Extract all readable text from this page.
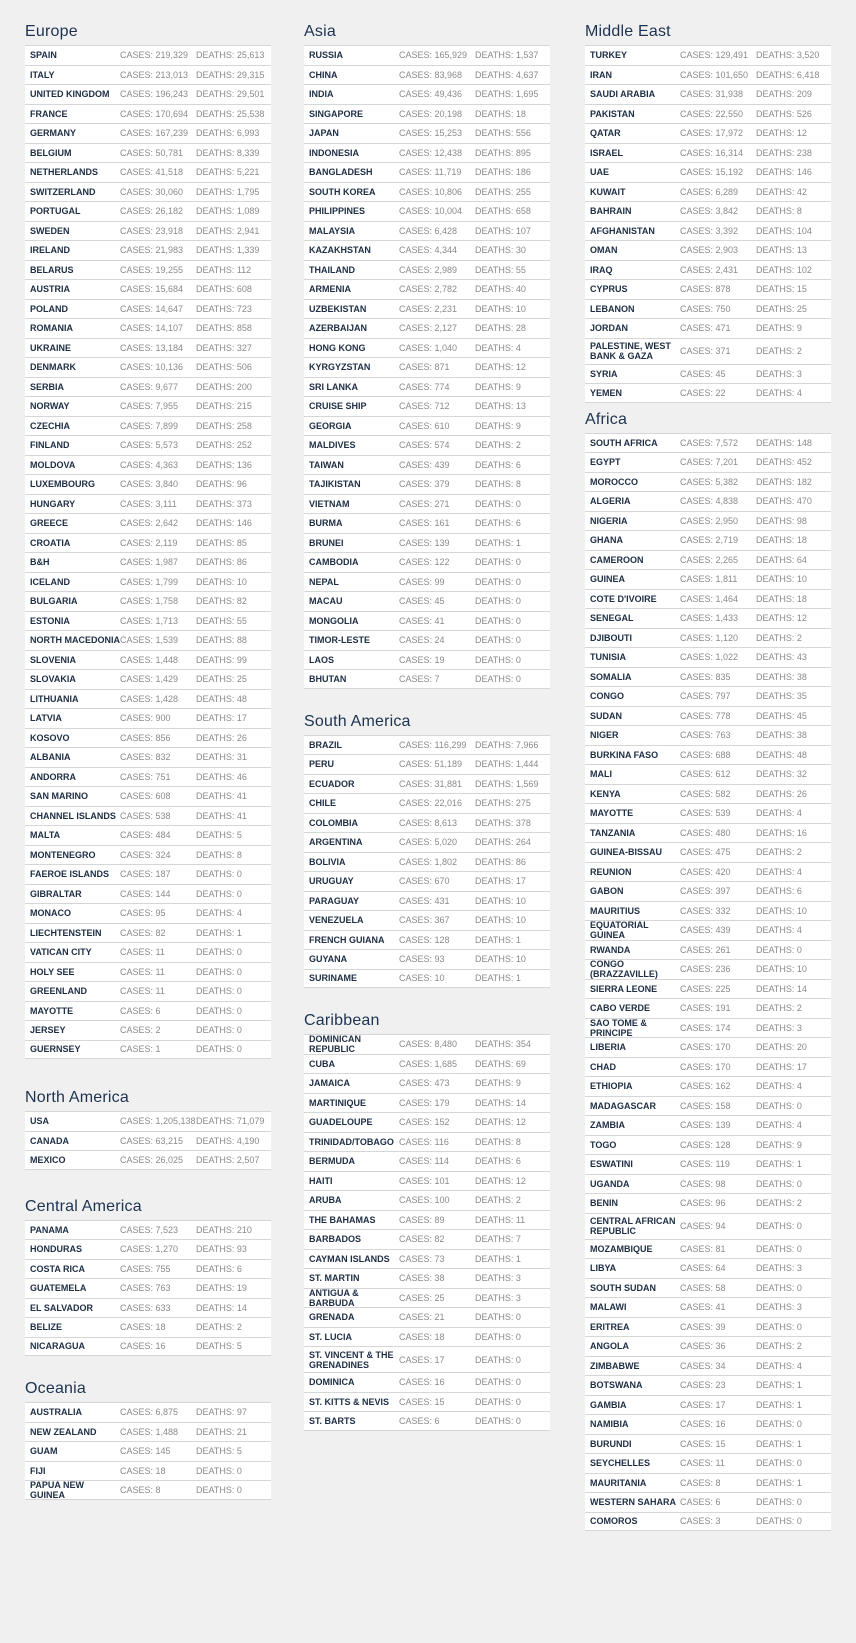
Europe
SPAIN	CASES: 219,329 DEATHS: 25,613
ITALY	CASES: 213,013 DEATHS: 29,315
UNITED KINGDOM	CASES: 196,243 DEATHS: 29,501
FRANCE	CASES: 170,694 DEATHS: 25,538
GERMANY	CASES: 167,239 DEATHS: 6,993
BELGIUM	CASES: 50,781	DEATHS: 8,339
NETHERLANDS	CASES: 41,518	DEATHS: 5,221
SWITZERLAND	CASES: 30,060	DEATHS: 1,795
PORTUGAL	CASES: 26,182	DEATHS: 1,089
SWEDEN	CASES: 23,918	DEATHS: 2,941
IRELAND	CASES: 21,983	DEATHS: 1,339
BELARUS	CASES: 19,255	DEATHS: 112
AUSTRIA	CASES: 15,684	DEATHS: 608
POLAND	CASES: 14,647	DEATHS: 723
ROMANIA	CASES: 14,107	DEATHS: 858
UKRAINE	CASES: 13,184	DEATHS: 327
DENMARK	CASES: 10,136	DEATHS: 506
SERBIA	CASES: 9,677	DEATHS: 200
NORWAY	CASES: 7,955	DEATHS: 215
CZECHIA	CASES: 7,899	DEATHS: 258
FINLAND	CASES: 5,573	DEATHS: 252
MOLDOVA	CASES: 4,363	DEATHS: 136
LUXEMBOURG	CASES: 3,840	DEATHS: 96
HUNGARY	CASES: 3,111	DEATHS: 373
GREECE	CASES: 2,642	DEATHS: 146
CROATIA	CASES: 2,119	DEATHS: 85
B&H	CASES: 1,987	DEATHS: 86
ICELAND	CASES: 1,799	DEATHS: 10
BULGARIA	CASES: 1,758	DEATHS: 82
ESTONIA	CASES: 1,713	DEATHS: 55
NORTH MACEDONIA CASES: 1,539	DEATHS: 88
SLOVENIA	CASES: 1,448	DEATHS: 99
SLOVAKIA	CASES: 1,429	DEATHS: 25
LITHUANIA	CASES: 1,428	DEATHS: 48
LATVIA	CASES: 900	DEATHS: 17
KOSOVO	CASES: 856	DEATHS: 26
ALBANIA	CASES: 832	DEATHS: 31
ANDORRA	CASES: 751	DEATHS: 46
SAN MARINO	CASES: 608	DEATHS: 41
CHANNEL ISLANDS CASES: 538	DEATHS: 41
MALTA	CASES: 484	DEATHS: 5
MONTENEGRO	CASES: 324	DEATHS: 8
FAEROE ISLANDS	CASES: 187	DEATHS: 0
GIBRALTAR	CASES: 144	DEATHS: 0
MONACO	CASES: 95	DEATHS: 4
LIECHTENSTEIN	CASES: 82	DEATHS: 1
VATICAN CITY	CASES: 11	DEATHS: 0
HOLY SEE	CASES: 11	DEATHS: 0
GREENLAND	CASES: 11	DEATHS: 0
MAYOTTE	CASES: 6	DEATHS: 0
JERSEY	CASES: 2	DEATHS: 0
GUERNSEY	CASES: 1	DEATHS: 0
North America
USA	CASES: 1,205,138 DEATHS: 71,079
CANADA	CASES: 63,215	DEATHS: 4,190
MEXICO	CASES: 26,025	DEATHS: 2,507
Central America
PANAMA	CASES: 7,523	DEATHS: 210
HONDURAS	CASES: 1,270	DEATHS: 93
COSTA RICA	CASES: 755	DEATHS: 6
GUATEMELA	CASES: 763	DEATHS: 19
EL SALVADOR	CASES: 633	DEATHS: 14
BELIZE	CASES: 18	DEATHS: 2
NICARAGUA	CASES: 16	DEATHS: 5
Oceania
AUSTRALIA	CASES: 6,875	DEATHS: 97
NEW ZEALAND	CASES: 1,488	DEATHS: 21
GUAM	CASES: 145	DEATHS: 5
FIJI	CASES: 18	DEATHS: 0
PAPUA NEW GUINEA	CASES: 8	DEATHS: 0
Asia
RUSSIA	CASES: 165,929 DEATHS: 1,537
CHINA	CASES: 83,968	DEATHS: 4,637
INDIA	CASES: 49,436	DEATHS: 1,695
SINGAPORE	CASES: 20,198	DEATHS: 18
JAPAN	CASES: 15,253	DEATHS: 556
INDONESIA	CASES: 12,438	DEATHS: 895
BANGLADESH	CASES: 11,719	DEATHS: 186
SOUTH KOREA	CASES: 10,806	DEATHS: 255
PHILIPPINES	CASES: 10,004	DEATHS: 658
MALAYSIA	CASES: 6,428	DEATHS: 107
KAZAKHSTAN	CASES: 4,344	DEATHS: 30
THAILAND	CASES: 2,989	DEATHS: 55
ARMENIA	CASES: 2,782	DEATHS: 40
UZBEKISTAN	CASES: 2,231	DEATHS: 10
AZERBAIJAN	CASES: 2,127	DEATHS: 28
HONG KONG	CASES: 1,040	DEATHS: 4
KYRGYZSTAN	CASES: 871	DEATHS: 12
SRI LANKA	CASES: 774	DEATHS: 9
CRUISE SHIP	CASES: 712	DEATHS: 13
GEORGIA	CASES: 610	DEATHS: 9
MALDIVES	CASES: 574	DEATHS: 2
TAIWAN	CASES: 439	DEATHS: 6
TAJIKISTAN	CASES: 379	DEATHS: 8
VIETNAM	CASES: 271	DEATHS: 0
BURMA	CASES: 161	DEATHS: 6
BRUNEI	CASES: 139	DEATHS: 1
CAMBODIA	CASES: 122	DEATHS: 0
NEPAL	CASES: 99	DEATHS: 0
MACAU	CASES: 45	DEATHS: 0
MONGOLIA	CASES: 41	DEATHS: 0
TIMOR-LESTE	CASES: 24	DEATHS: 0
LAOS	CASES: 19	DEATHS: 0
BHUTAN	CASES: 7	DEATHS: 0
South America
BRAZIL	CASES: 116,299 DEATHS: 7,966
PERU	CASES: 51,189	DEATHS: 1,444
ECUADOR	CASES: 31,881	DEATHS: 1,569
CHILE	CASES: 22,016	DEATHS: 275
COLOMBIA	CASES: 8,613	DEATHS: 378
ARGENTINA	CASES: 5,020	DEATHS: 264
BOLIVIA	CASES: 1,802	DEATHS: 86
URUGUAY	CASES: 670	DEATHS: 17
PARAGUAY	CASES: 431	DEATHS: 10
VENEZUELA	CASES: 367	DEATHS: 10
FRENCH GUIANA	CASES: 128	DEATHS: 1
GUYANA	CASES: 93	DEATHS: 10
SURINAME	CASES: 10	DEATHS: 1
Caribbean
DOMINICAN REPUBLIC	CASES: 8,480	DEATHS: 354
CUBA	CASES: 1,685	DEATHS: 69
JAMAICA	CASES: 473	DEATHS: 9
MARTINIQUE	CASES: 179	DEATHS: 14
GUADELOUPE	CASES: 152	DEATHS: 12
TRINIDAD/TOBAGO CASES: 116	DEATHS: 8
BERMUDA	CASES: 114	DEATHS: 6
HAITI	CASES: 101	DEATHS: 12
ARUBA	CASES: 100	DEATHS: 2
THE BAHAMAS	CASES: 89	DEATHS: 11
BARBADOS	CASES: 82	DEATHS: 7
CAYMAN ISLANDS	CASES: 73	DEATHS: 1
ST. MARTIN	CASES: 38	DEATHS: 3
ANTIGUA & BARBUDA	CASES: 25	DEATHS: 3
GRENADA	CASES: 21	DEATHS: 0
ST. LUCIA	CASES: 18	DEATHS: 0
ST. VINCENT & THE GRENADINES	CASES: 17	DEATHS: 0
DOMINICA	CASES: 16	DEATHS: 0
ST. KITTS & NEVIS	CASES: 15	DEATHS: 0
ST. BARTS	CASES: 6	DEATHS: 0
Middle East
TURKEY	CASES: 129,491 DEATHS: 3,520
IRAN	CASES: 101,650 DEATHS: 6,418
SAUDI ARABIA	CASES: 31,938	DEATHS: 209
PAKISTAN	CASES: 22,550	DEATHS: 526
QATAR	CASES: 17,972	DEATHS: 12
ISRAEL	CASES: 16,314	DEATHS: 238
UAE	CASES: 15,192	DEATHS: 146
KUWAIT	CASES: 6,289	DEATHS: 42
BAHRAIN	CASES: 3,842	DEATHS: 8
AFGHANISTAN	CASES: 3,392	DEATHS: 104
OMAN	CASES: 2,903	DEATHS: 13
IRAQ	CASES: 2,431	DEATHS: 102
CYPRUS	CASES: 878	DEATHS: 15
LEBANON	CASES: 750	DEATHS: 25
JORDAN	CASES: 471	DEATHS: 9
PALESTINE, WEST BANK & GAZA	CASES: 371	DEATHS: 2
SYRIA	CASES: 45	DEATHS: 3
YEMEN	CASES: 22	DEATHS: 4
Africa
SOUTH AFRICA	CASES: 7,572	DEATHS: 148
EGYPT	CASES: 7,201	DEATHS: 452
MOROCCO	CASES: 5,382	DEATHS: 182
ALGERIA	CASES: 4,838	DEATHS: 470
NIGERIA	CASES: 2,950	DEATHS: 98
GHANA	CASES: 2,719	DEATHS: 18
CAMEROON	CASES: 2,265	DEATHS: 64
GUINEA	CASES: 1,811	DEATHS: 10
COTE D'IVOIRE	CASES: 1,464	DEATHS: 18
SENEGAL	CASES: 1,433	DEATHS: 12
DJIBOUTI	CASES: 1,120	DEATHS: 2
TUNISIA	CASES: 1,022	DEATHS: 43
SOMALIA	CASES: 835	DEATHS: 38
CONGO	CASES: 797	DEATHS: 35
SUDAN	CASES: 778	DEATHS: 45
NIGER	CASES: 763	DEATHS: 38
BURKINA FASO	CASES: 688	DEATHS: 48
MALI	CASES: 612	DEATHS: 32
KENYA	CASES: 582	DEATHS: 26
MAYOTTE	CASES: 539	DEATHS: 4
TANZANIA	CASES: 480	DEATHS: 16
GUINEA-BISSAU	CASES: 475	DEATHS: 2
REUNION	CASES: 420	DEATHS: 4
GABON	CASES: 397	DEATHS: 6
MAURITIUS	CASES: 332	DEATHS: 10
EQUATORIAL GUINEA	CASES: 439	DEATHS: 4
RWANDA	CASES: 261	DEATHS: 0
CONGO (BRAZZAVILLE)	CASES: 236	DEATHS: 10
SIERRA LEONE	CASES: 225	DEATHS: 14
CABO VERDE	CASES: 191	DEATHS: 2
SAO TOME & PRINCIPE	CASES: 174	DEATHS: 3
LIBERIA	CASES: 170	DEATHS: 20
CHAD	CASES: 170	DEATHS: 17
ETHIOPIA	CASES: 162	DEATHS: 4
MADAGASCAR	CASES: 158	DEATHS: 0
ZAMBIA	CASES: 139	DEATHS: 4
TOGO	CASES: 128	DEATHS: 9
ESWATINI	CASES: 119	DEATHS: 1
UGANDA	CASES: 98	DEATHS: 0
BENIN	CASES: 96	DEATHS: 2
CENTRAL AFRICAN REPUBLIC	CASES: 94	DEATHS: 0
MOZAMBIQUE	CASES: 81	DEATHS: 0
LIBYA	CASES: 64	DEATHS: 3
SOUTH SUDAN	CASES: 58	DEATHS: 0
MALAWI	CASES: 41	DEATHS: 3
ERITREA	CASES: 39	DEATHS: 0
ANGOLA	CASES: 36	DEATHS: 2
ZIMBABWE	CASES: 34	DEATHS: 4
BOTSWANA	CASES: 23	DEATHS: 1
GAMBIA	CASES: 17	DEATHS: 1
NAMIBIA	CASES: 16	DEATHS: 0
BURUNDI	CASES: 15	DEATHS: 1
SEYCHELLES	CASES: 11	DEATHS: 0
MAURITANIA	CASES: 8	DEATHS: 1
WESTERN SAHARA CASES: 6	DEATHS: 0
COMOROS	CASES: 3	DEATHS: 0
